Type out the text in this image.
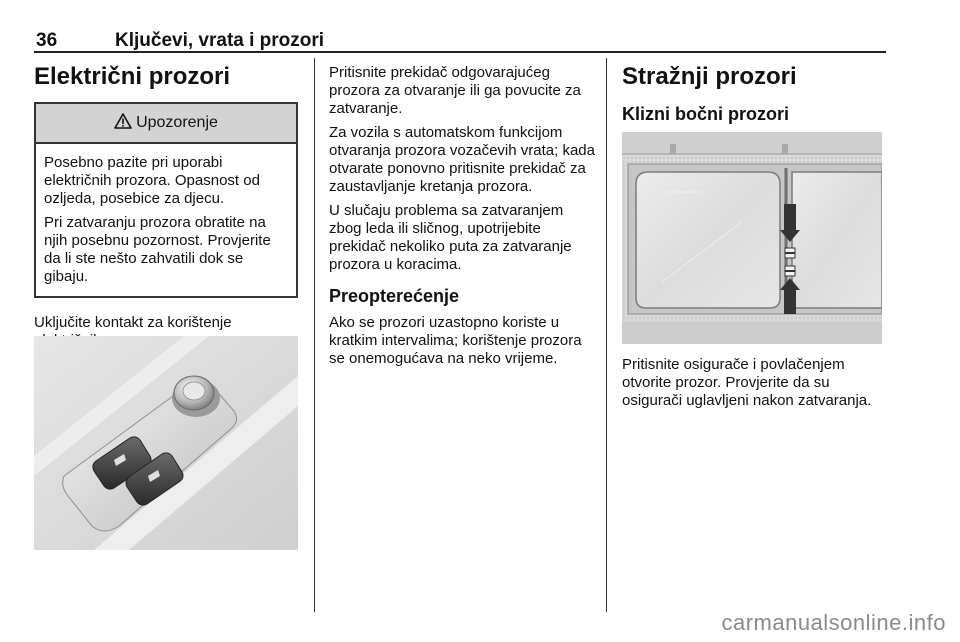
36	Ključevi, vrata i prozori
Električni prozori
Upozorenje

Posebno pazite pri uporabi električnih prozora. Opasnost od ozljeda, posebice za djecu.

Pri zatvaranju prozora obratite na njih posebnu pozornost. Provjerite da li ste nešto zahvatili dok se gibaju.

Uključite kontakt za korištenje

Pritisnite prekidač odgovarajućeg prozora za otvaranje ili ga povucite za zatvaranje.

Za vozila s automatskom funkcijom otvaranja prozora vozačevih vrata; kada otvarate ponovno pritisnite prekidač za zaustavljanje kretanja prozora.

U slučaju problema sa zatvaranjem zbog leda ili sličnog, upotrijebite prekidač nekoliko puta za zatvaranje prozora u koracima.

Preopterećenje

Ako se prozori uzastopno koriste u kratkim intervalima; korištenje prozora se onemogućava na neko vrijeme.

Stražnji prozori
Klizni bočni prozori

Pritisnite osigurače i povlačenjem otvorite prozor. Provjerite da su osigurači uglavljeni nakon zatvaranja.

carmanualsonline.info
